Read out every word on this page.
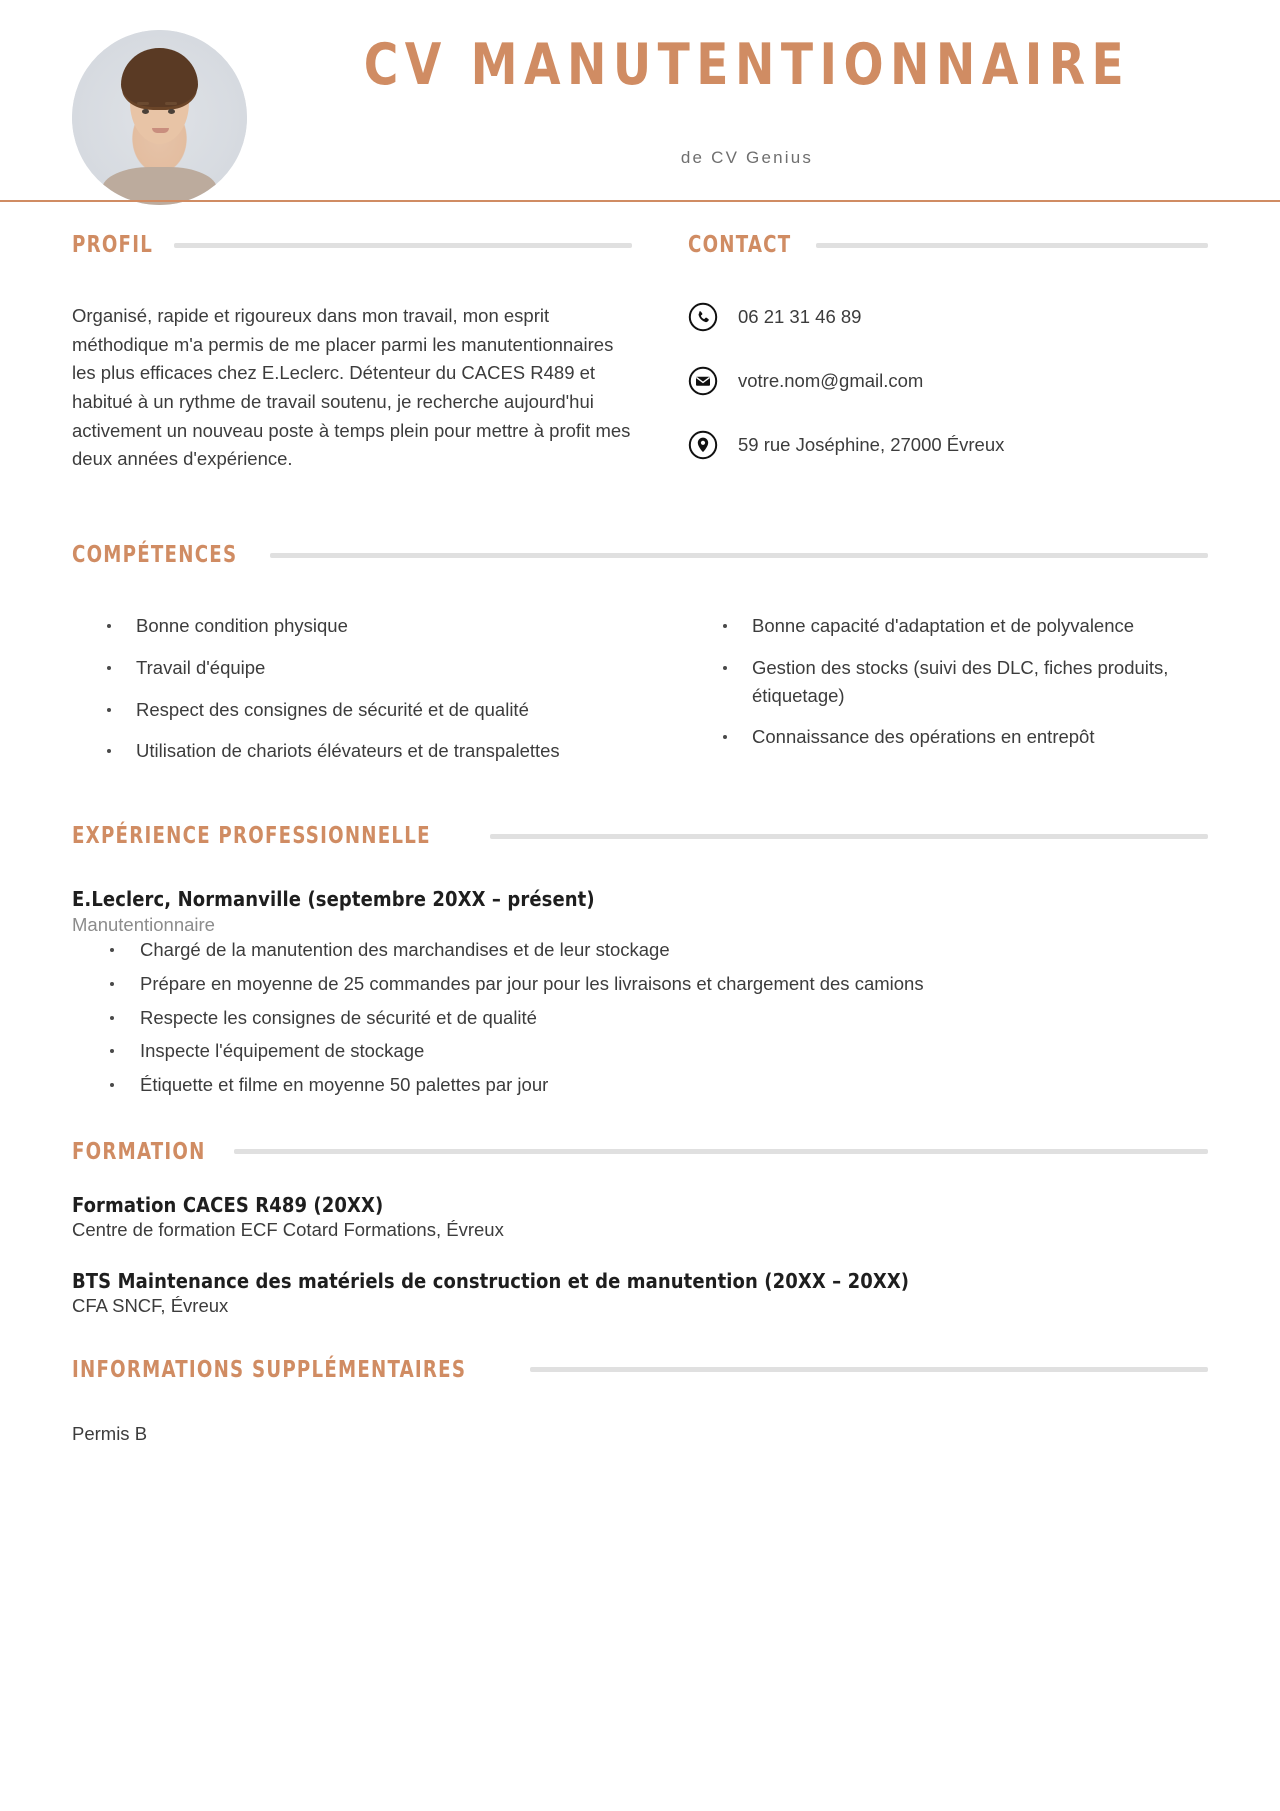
CV MANUTENTIONNAIRE
de CV Genius
PROFIL
Organisé, rapide et rigoureux dans mon travail, mon esprit méthodique m'a permis de me placer parmi les manutentionnaires les plus efficaces chez E.Leclerc. Détenteur du CACES R489 et habitué à un rythme de travail soutenu, je recherche aujourd'hui activement un nouveau poste à temps plein pour mettre à profit mes deux années d'expérience.
CONTACT
06 21 31 46 89
votre.nom@gmail.com
59 rue Joséphine, 27000 Évreux
COMPÉTENCES
Bonne condition physique
Travail d'équipe
Respect des consignes de sécurité et de qualité
Utilisation de chariots élévateurs et de transpalettes
Bonne capacité d'adaptation et de polyvalence
Gestion des stocks (suivi des DLC, fiches produits, étiquetage)
Connaissance des opérations en entrepôt
EXPÉRIENCE PROFESSIONNELLE
E.Leclerc, Normanville (septembre 20XX – présent)
Manutentionnaire
Chargé de la manutention des marchandises et de leur stockage
Prépare en moyenne de 25 commandes par jour pour les livraisons et chargement des camions
Respecte les consignes de sécurité et de qualité
Inspecte l'équipement de stockage
Étiquette et filme en moyenne 50 palettes par jour
FORMATION
Formation CACES R489 (20XX)
Centre de formation ECF Cotard Formations, Évreux
BTS Maintenance des matériels de construction et de manutention (20XX – 20XX)
CFA SNCF, Évreux
INFORMATIONS SUPPLÉMENTAIRES
Permis B
